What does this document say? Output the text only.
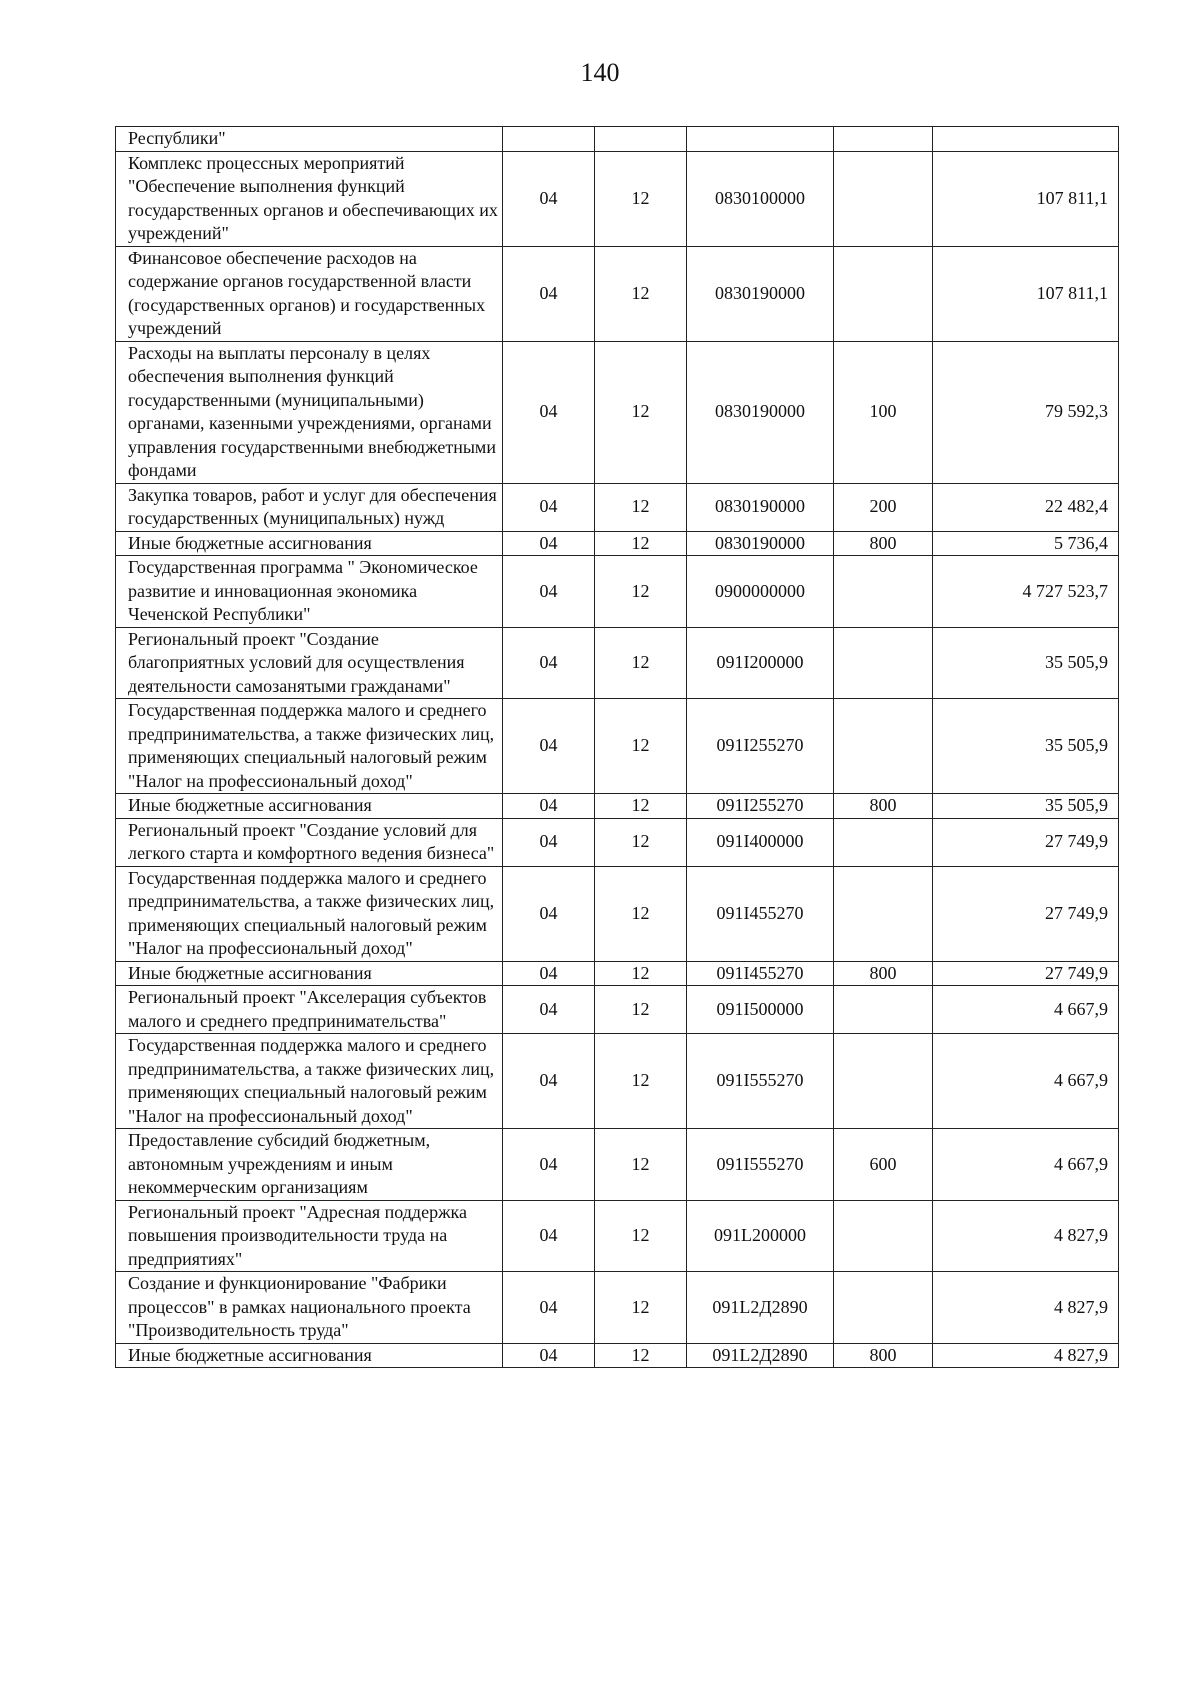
140
Республики"					
Комплекс процессных мероприятий "Обеспечение выполнения функций государственных органов и обеспечивающих их учреждений"	04	12	0830100000		107 811,1
Финансовое обеспечение расходов на содержание органов государственной власти (государственных органов) и государственных учреждений	04	12	0830190000		107 811,1
Расходы на выплаты персоналу в целях обеспечения выполнения функций государственными (муниципальными) органами, казенными учреждениями, органами управления государственными внебюджетными фондами	04	12	0830190000	100	79 592,3
Закупка товаров, работ и услуг для обеспечения государственных (муниципальных) нужд	04	12	0830190000	200	22 482,4
Иные бюджетные ассигнования	04	12	0830190000	800	5 736,4
Государственная программа " Экономическое развитие и инновационная экономика Чеченской Республики"	04	12	0900000000		4 727 523,7
Региональный проект "Создание благоприятных условий для осуществления деятельности самозанятыми гражданами"	04	12	091I200000		35 505,9
Государственная поддержка малого и среднего предпринимательства, а также физических лиц, применяющих специальный налоговый режим "Налог на профессиональный доход"	04	12	091I255270		35 505,9
Иные бюджетные ассигнования	04	12	091I255270	800	35 505,9
Региональный проект "Создание условий для легкого старта и комфортного ведения бизнеса"	04	12	091I400000		27 749,9
Государственная поддержка малого и среднего предпринимательства, а также физических лиц, применяющих специальный налоговый режим "Налог на профессиональный доход"	04	12	091I455270		27 749,9
Иные бюджетные ассигнования	04	12	091I455270	800	27 749,9
Региональный проект "Акселерация субъектов малого и среднего предпринимательства"	04	12	091I500000		4 667,9
Государственная поддержка малого и среднего предпринимательства, а также физических лиц, применяющих специальный налоговый режим "Налог на профессиональный доход"	04	12	091I555270		4 667,9
Предоставление субсидий бюджетным, автономным учреждениям и иным некоммерческим организациям	04	12	091I555270	600	4 667,9
Региональный проект "Адресная поддержка повышения производительности труда на предприятиях"	04	12	091L200000		4 827,9
Создание и функционирование "Фабрики процессов" в рамках национального проекта "Производительность труда"	04	12	091L2Д2890		4 827,9
Иные бюджетные ассигнования	04	12	091L2Д2890	800	4 827,9
